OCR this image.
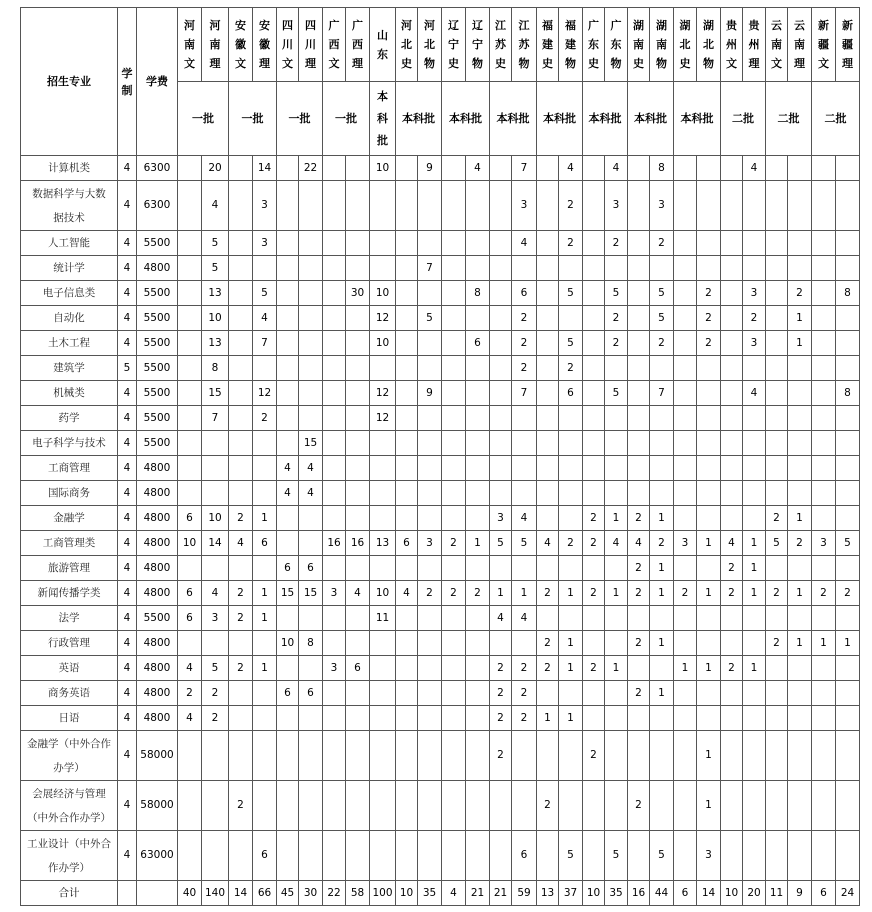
招生专业	学制	学费	河
南
文	河
南
理	安
徽
文	安
徽
理	四
川
文	四
川
理	广
西
文	广
西
理	山
东	河
北
史	河
北
物	辽
宁
史	辽
宁
物	江
苏
史	江
苏
物	福
建
史	福
建
物	广
东
史	广
东
物	湖
南
史	湖
南
物	湖
北
史	湖
北
物	贵
州
文	贵
州
理	云
南
文	云
南
理	新
疆
文	新
疆
理

			一批		一批		一批		一批		本
科
批	本科批		本科批		本科批		本科批		本科批		本科批		本科批		二批		二批		二批	
计算机类	4	6300		20		14		22			10		9		4		7		4		4		8				4				

数据科学与大数
据技术	4	6300		4		3											3		2		3		3								
人工智能	4	5500		5		3											4		2		2		2								
统计学	4	4800		5									7																		
电子信息类	4	5500		13		5				30	10				8		6		5		5		5		2		3		2		8
自动化	4	5500		10		4					12		5				2				2		5		2		2		1		
土木工程	4	5500		13		7					10				6		2		5		2		2		2		3		1		
建筑学	5	5500		8													2		2												
机械类	4	5500		15		12					12		9				7		6		5		7				4				8
药学	4	5500		7		2					12																				
电子科学与技术	4	5500						15																							
工商管理	4	4800					4	4																							
国际商务	4	4800					4	4																							
金融学	4	4800	6	10	2	1										3	4			2	1	2	1					2	1		
工商管理类	4	4800	10	14	4	6			16	16	13	6	3	2	1	5	5	4	2	2	4	4	2	3	1	4	1	5	2	3	5
旅游管理	4	4800					6	6														2	1			2	1				
新闻传播学类	4	4800	6	4	2	1	15	15	3	4	10	4	2	2	2	1	1	2	1	2	1	2	1	2	1	2	1	2	1	2	2
法学	4	5500	6	3	2	1					11					4	4														
行政管理	4	4800					10	8										2	1			2	1					2	1	1	1
英语	4	4800	4	5	2	1			3	6						2	2	2	1	2	1			1	1	2	1				
商务英语	4	4800	2	2			6	6								2	2					2	1								
日语	4	4800	4	2												2	2	1	1												

金融学（中外合作
办学）	4	58000														2				2					1						

会展经济与管理
（中外合作办学）	4	58000			2													2				2			1						

工业设计（中外合
作办学）	4	63000				6											6		5		5		5		3						
合计			40	140	14	66	45	30	22	58	100	10	35	4	21	21	59	13	37	10	35	16	44	6	14	10	20	11	9	6	24
